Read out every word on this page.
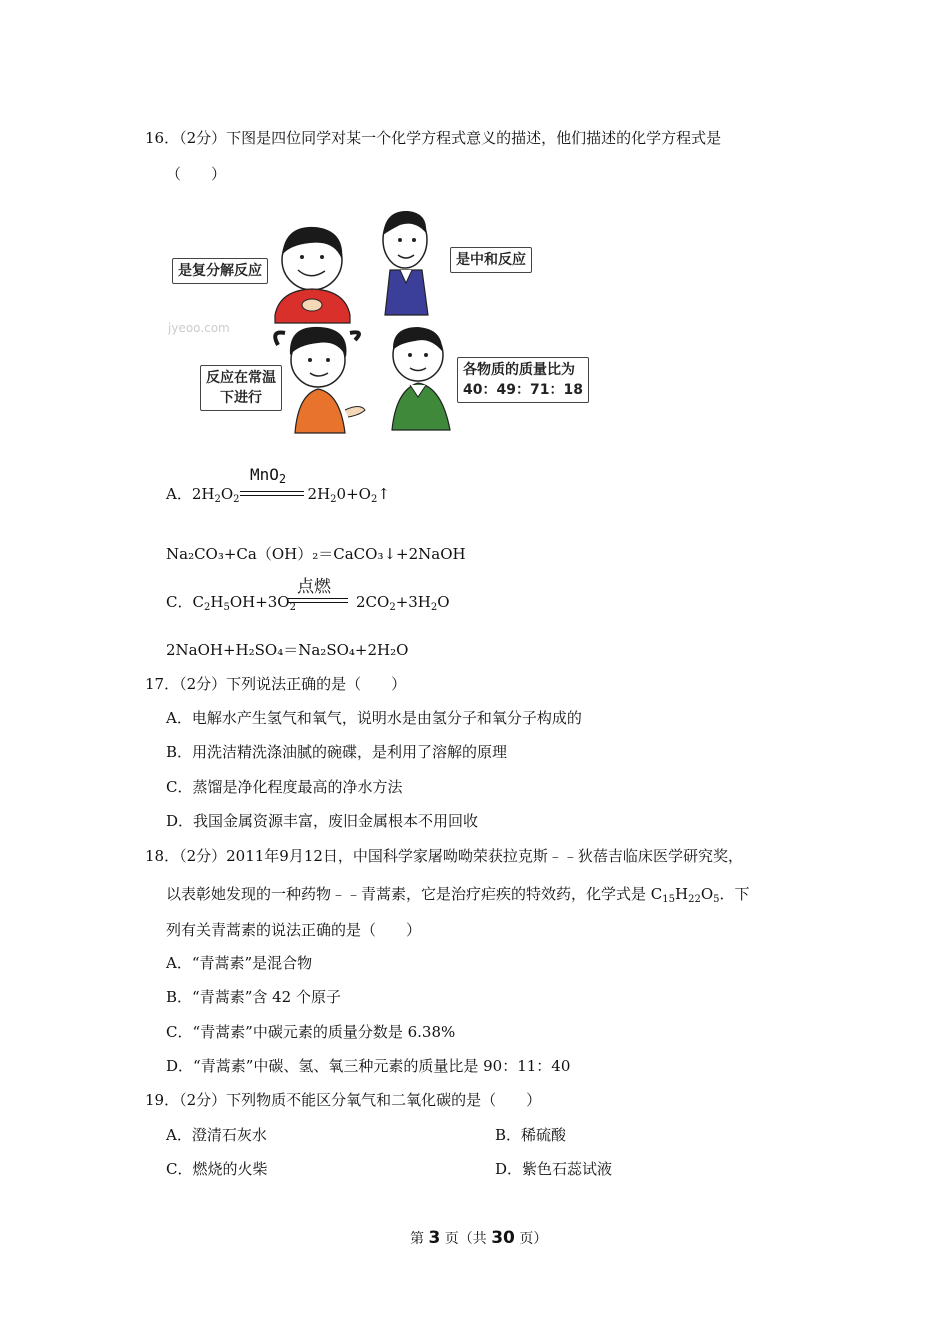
16．（2分）下图是四位同学对某一个化学方程式意义的描述，他们描述的化学方程式是
（　　）
是复分解反应
是中和反应
反应在常温
下进行
各物质的质量比为
40：49：71：18
jyeoo.com
A．$2H_2O_2$	$2H_20+O_2↑$
MnO$_2$
Na₂CO₃+Ca（OH）₂＝CaCO₃↓+2NaOH
C．$C_2H_5OH+3O_2$	$2CO_2+3H_2O$
点燃
2NaOH+H₂SO₄＝Na₂SO₄+2H₂O
17．（2分）下列说法正确的是（　　）
A．电解水产生氢气和氧气，说明水是由氢分子和氧分子构成的
B．用洗洁精洗涤油腻的碗碟，是利用了溶解的原理
C．蒸馏是净化程度最高的净水方法
D．我国金属资源丰富，废旧金属根本不用回收
18．（2分）2011年9月12日，中国科学家屠呦呦荣获拉克斯﹣﹣狄蓓吉临床医学研究奖，
以表彰她发现的一种药物﹣﹣青蒿素，它是治疗疟疾的特效药，化学式是 $C_{15}H_{22}O_5$．下
列有关青蒿素的说法正确的是（　　）
A．“青蒿素”是混合物
B．“青蒿素”含 42 个原子
C．“青蒿素”中碳元素的质量分数是 6.38%
D．“青蒿素”中碳、氢、氧三种元素的质量比是 90：11：40
19．（2分）下列物质不能区分氧气和二氧化碳的是（　　）
A．澄清石灰水	B．稀硫酸
C．燃烧的火柴	D．紫色石蕊试液
第 3 页（共 30 页）
